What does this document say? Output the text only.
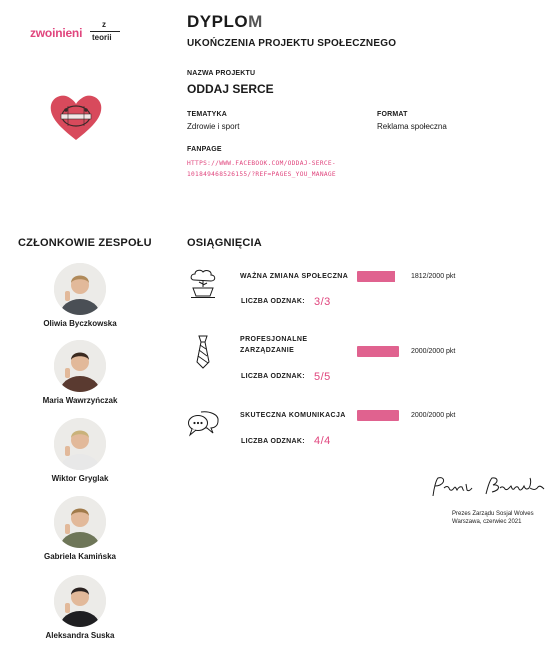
zwoinieni
z
teorii
DYPLOM
UKOŃCZENIA PROJEKTU SPOŁECZNEGO
NAZWA PROJEKTU
ODDAJ SERCE
TEMATYKA
Zdrowie i sport
FORMAT
Reklama społeczna
FANPAGE
HTTPS://WWW.FACEBOOK.COM/ODDAJ-SERCE-
101849468526155/?REF=PAGES_YOU_MANAGE
CZŁONKOWIE ZESPOŁU
Oliwia Byczkowska
Maria Wawrzyńczak
Wiktor Gryglak
Gabriela Kamińska
Aleksandra Suska
OSIĄGNIĘCIA
WAŻNA ZMIANA SPOŁECZNA	1812/2000 pkt
LICZBA ODZNAK: 3/3
PROFESJONALNE
ZARZĄDZANIE	2000/2000 pkt
LICZBA ODZNAK: 5/5
SKUTECZNA KOMUNIKACJA	2000/2000 pkt
LICZBA ODZNAK: 4/4
Prezes Zarządu Sosjal Wolves
Warszawa, czerwiec 2021
